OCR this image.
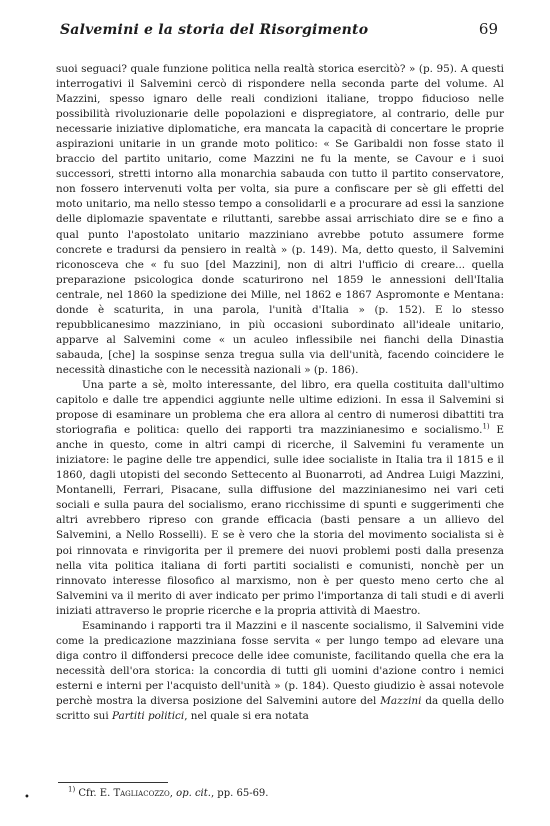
Salvemini e la storia del Risorgimento	69

suoi seguaci? quale funzione politica nella realtà storica esercitò? » (p. 95). A questi interrogativi il Salvemini cercò di rispondere nella seconda parte del volume. Al Mazzini, spesso ignaro delle reali condizioni italiane, troppo fiducioso nelle possibilità rivoluzionarie delle popolazioni e dispregiatore, al contrario, delle pur necessarie iniziative diplomatiche, era mancata la capacità di concertare le proprie aspirazioni unitarie in un grande moto politico: « Se Garibaldi non fosse stato il braccio del partito unitario, come Mazzini ne fu la mente, se Cavour e i suoi successori, stretti intorno alla monarchia sabauda con tutto il partito conservatore, non fossero intervenuti volta per volta, sia pure a confiscare per sè gli effetti del moto unitario, ma nello stesso tempo a consolidarli e a procurare ad essi la sanzione delle diplomazie spaventate e riluttanti, sarebbe assai arrischiato dire se e fino a qual punto l'apostolato unitario mazziniano avrebbe potuto assumere forme concrete e tradursi da pensiero in realtà » (p. 149). Ma, detto questo, il Salvemini riconosceva che « fu suo [del Mazzini], non di altri l'ufficio di creare... quella preparazione psicologica donde scaturirono nel 1859 le annessioni dell'Italia centrale, nel 1860 la spedizione dei Mille, nel 1862 e 1867 Aspromonte e Mentana: donde è scaturita, in una parola, l'unità d'Italia » (p. 152). E lo stesso repubblicanesimo mazziniano, in più occasioni subordinato all'ideale unitario, apparve al Salvemini come « un aculeo inflessibile nei fianchi della Dinastia sabauda, [che] la sospinse senza tregua sulla via dell'unità, facendo coincidere le necessità dinastiche con le necessità nazionali » (p. 186).

Una parte a sè, molto interessante, del libro, era quella costituita dall'ultimo capitolo e dalle tre appendici aggiunte nelle ultime edizioni. In essa il Salvemini si propose di esaminare un problema che era allora al centro di numerosi dibattiti tra storiografia e politica: quello dei rapporti tra mazzinianesimo e socialismo.$^{1)}$ E anche in questo, come in altri campi di ricerche, il Salvemini fu veramente un iniziatore: le pagine delle tre appendici, sulle idee socialiste in Italia tra il 1815 e il 1860, dagli utopisti del secondo Settecento al Buonarroti, ad Andrea Luigi Mazzini, Montanelli, Ferrari, Pisacane, sulla diffusione del mazzinianesimo nei vari ceti sociali e sulla paura del socialismo, erano ricchissime di spunti e suggerimenti che altri avrebbero ripreso con grande efficacia (basti pensare a un allievo del Salvemini, a Nello Rosselli). E se è vero che la storia del movimento socialista si è poi rinnovata e rinvigorita per il premere dei nuovi problemi posti dalla presenza nella vita politica italiana di forti partiti socialisti e comunisti, nonchè per un rinnovato interesse filosofico al marxismo, non è per questo meno certo che al Salvemini va il merito di aver indicato per primo l'importanza di tali studi e di averli iniziati attraverso le proprie ricerche e la propria attività di Maestro.

Esaminando i rapporti tra il Mazzini e il nascente socialismo, il Salvemini vide come la predicazione mazziniana fosse servita « per lungo tempo ad elevare una diga contro il diffondersi precoce delle idee comuniste, facilitando quella che era la necessità dell'ora storica: la concordia di tutti gli uomini d'azione contro i nemici esterni e interni per l'acquisto dell'unità » (p. 184). Questo giudizio è assai notevole perchè mostra la diversa posizione del Salvemini autore del Mazzini da quella dello scritto sui Partiti politici, nel quale si era notata

•
$^{1)}$ Cfr. E. Tagliacozzo, op. cit., pp. 65-69.
